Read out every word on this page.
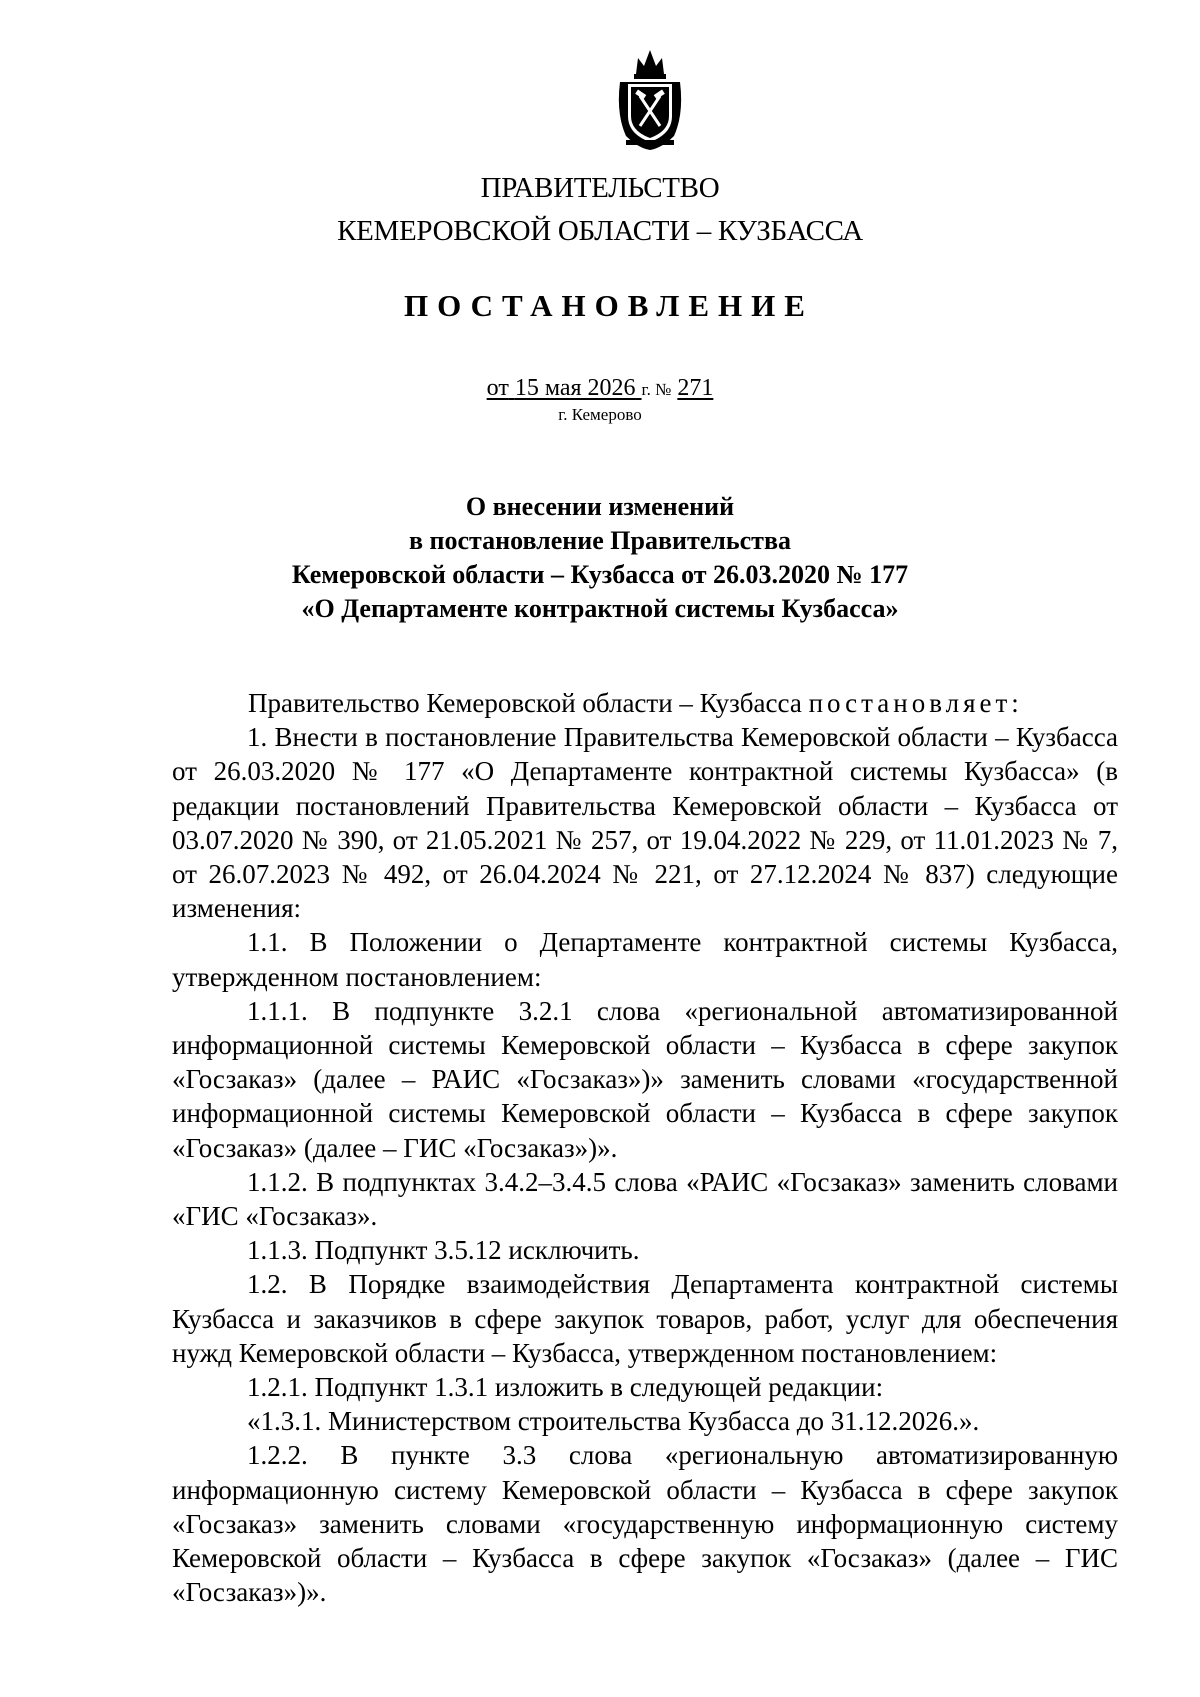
ПРАВИТЕЛЬСТВО
КЕМЕРОВСКОЙ ОБЛАСТИ – КУЗБАССА
ПОСТАНОВЛЕНИЕ
от 15 мая 2026 г. № 271
г. Кемерово
О внесении изменений
в постановление Правительства
Кемеровской области – Кузбасса от 26.03.2020 № 177
«О Департаменте контрактной системы Кузбасса»

Правительство Кемеровской области – Кузбасса постановляет:

1. Внести в постановление Правительства Кемеровской области – Кузбасса от 26.03.2020 № 177 «О Департаменте контрактной системы Кузбасса» (в редакции постановлений Правительства Кемеровской области – Кузбасса от 03.07.2020 № 390, от 21.05.2021 № 257, от 19.04.2022 № 229, от 11.01.2023 № 7, от 26.07.2023 № 492, от 26.04.2024 № 221, от 27.12.2024 № 837) следующие изменения:

1.1. В Положении о Департаменте контрактной системы Кузбасса, утвержденном постановлением:

1.1.1. В подпункте 3.2.1 слова «региональной автоматизированной информационной системы Кемеровской области – Кузбасса в сфере закупок «Госзаказ» (далее – РАИС «Госзаказ»)» заменить словами «государственной информационной системы Кемеровской области – Кузбасса в сфере закупок «Госзаказ» (далее – ГИС «Госзаказ»)».

1.1.2. В подпунктах 3.4.2–3.4.5 слова «РАИС «Госзаказ» заменить словами «ГИС «Госзаказ».

1.1.3. Подпункт 3.5.12 исключить.

1.2. В Порядке взаимодействия Департамента контрактной системы Кузбасса и заказчиков в сфере закупок товаров, работ, услуг для обеспечения нужд Кемеровской области – Кузбасса, утвержденном постановлением:

1.2.1. Подпункт 1.3.1 изложить в следующей редакции:

«1.3.1. Министерством строительства Кузбасса до 31.12.2026.».

1.2.2. В пункте 3.3 слова «региональную автоматизированную информационную систему Кемеровской области – Кузбасса в сфере закупок «Госзаказ» заменить словами «государственную информационную систему Кемеровской области – Кузбасса в сфере закупок «Госзаказ» (далее – ГИС «Госзаказ»)».
